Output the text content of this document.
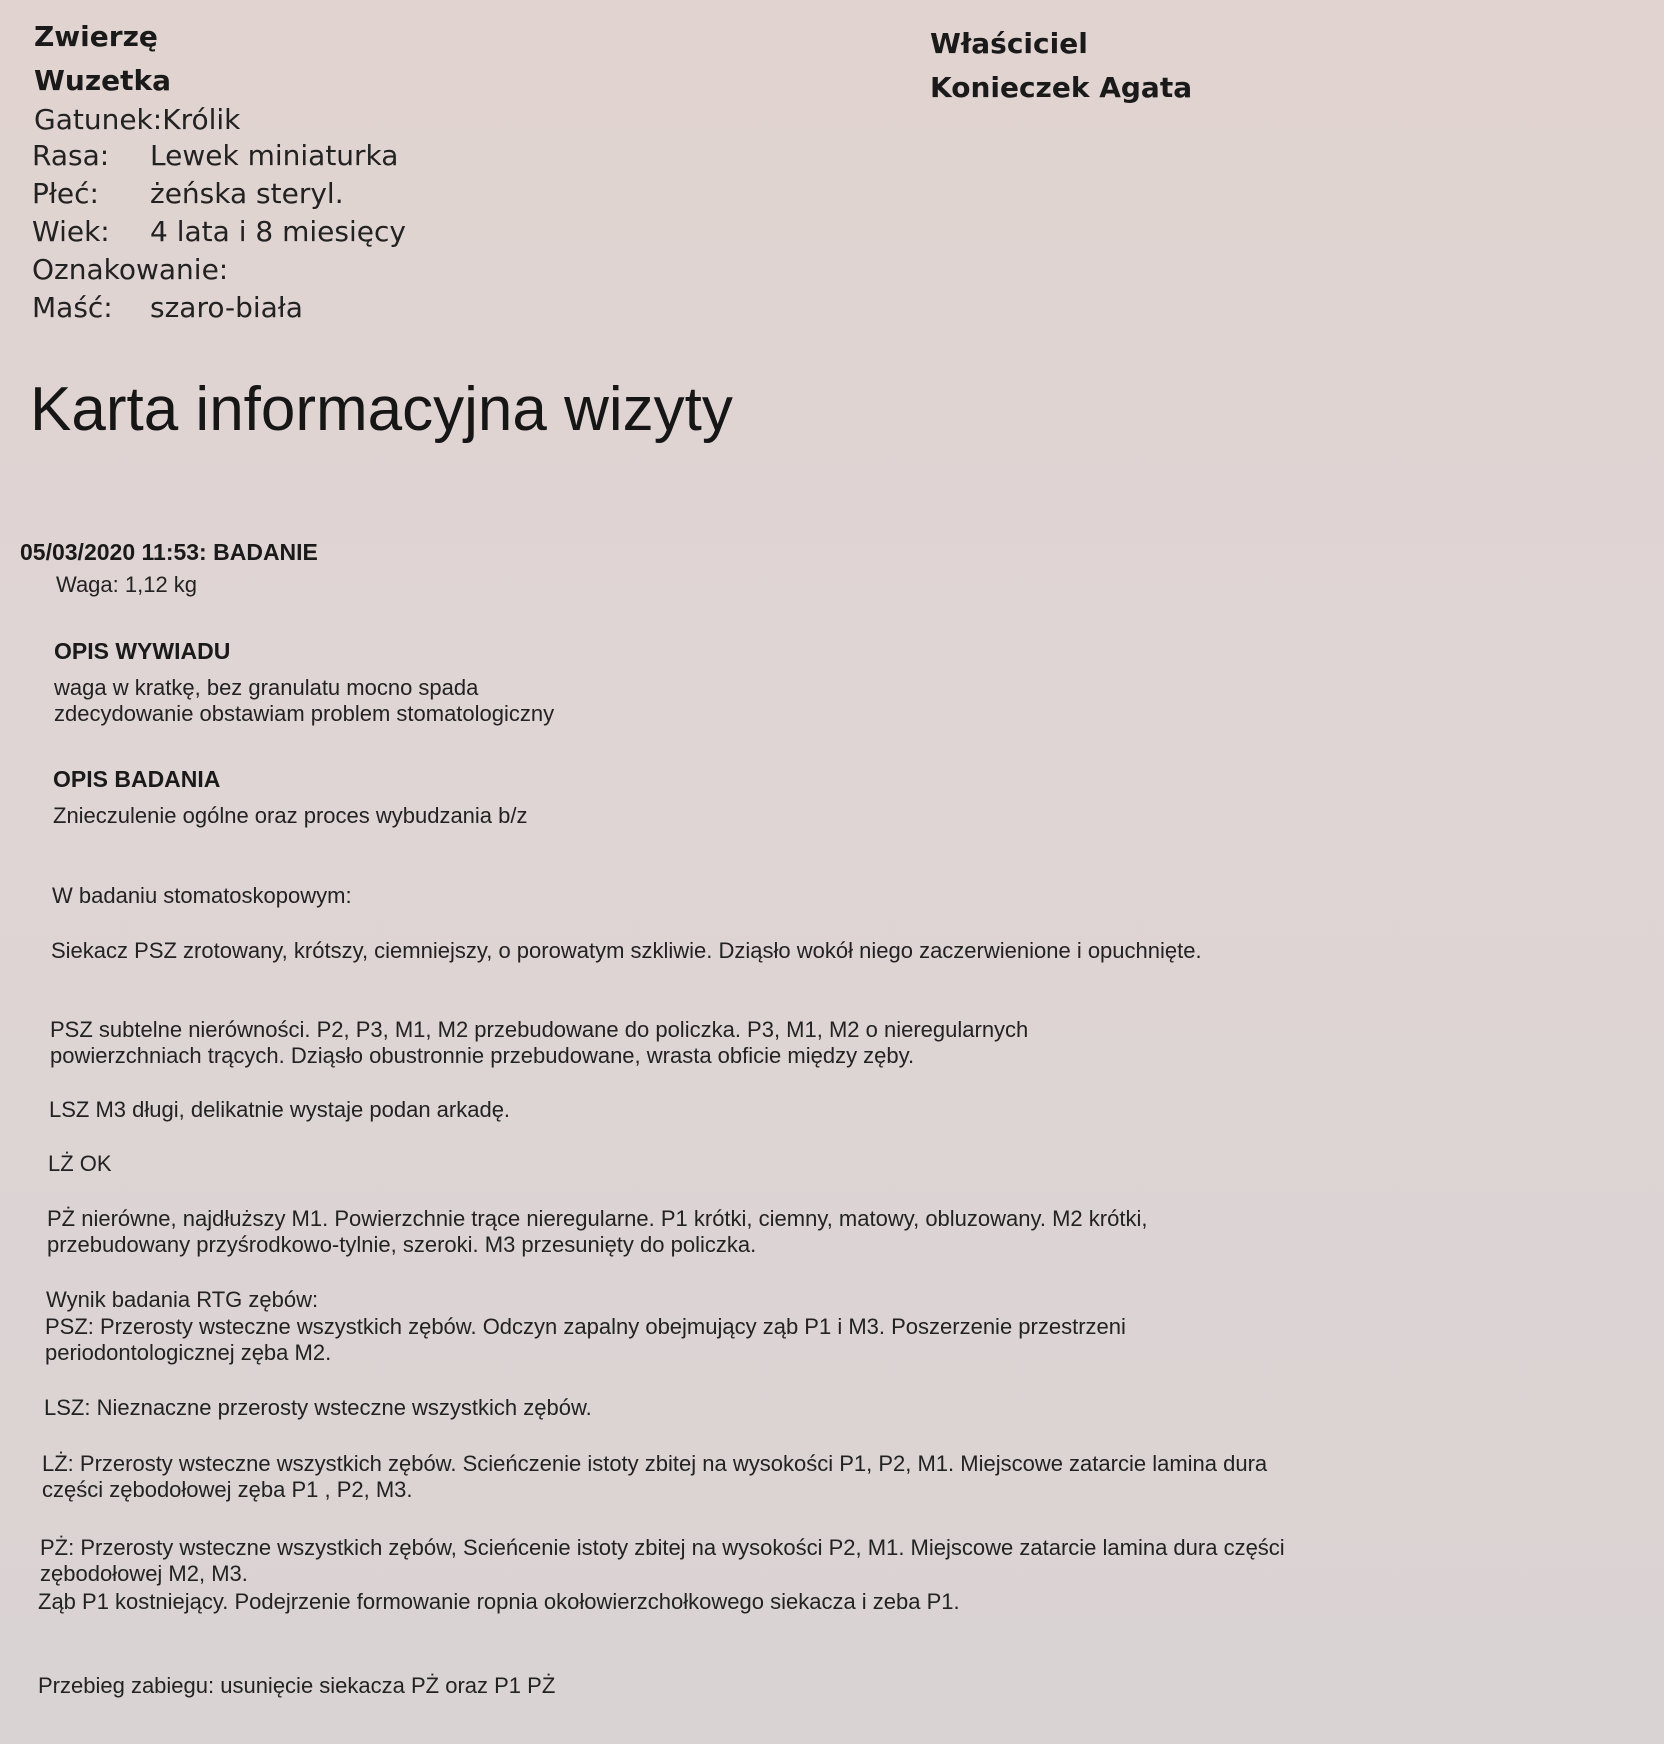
Zwierzę
Wuzetka
Gatunek:Królik
Rasa: Lewek miniaturka
Płeć: żeńska steryl.
Wiek: 4 lata i 8 miesięcy
Oznakowanie:
Maść: szaro-biała
Właściciel
Konieczek Agata
Karta informacyjna wizyty
05/03/2020 11:53: BADANIE
Waga: 1,12 kg
OPIS WYWIADU
waga w kratkę, bez granulatu mocno spada
zdecydowanie obstawiam problem stomatologiczny
OPIS BADANIA
Znieczulenie ogólne oraz proces wybudzania b/z
W badaniu stomatoskopowym:
Siekacz PSZ zrotowany, krótszy, ciemniejszy, o porowatym szkliwie. Dziąsło wokół niego zaczerwienione i opuchnięte.
PSZ subtelne nierówności. P2, P3, M1, M2 przebudowane do policzka. P3, M1, M2 o nieregularnych powierzchniach trących. Dziąsło obustronnie przebudowane, wrasta obficie między zęby.
LSZ M3 długi, delikatnie wystaje podan arkadę.
LŻ OK
PŻ nierówne, najdłuższy M1. Powierzchnie trące nieregularne. P1 krótki, ciemny, matowy, obluzowany. M2 krótki, przebudowany przyśrodkowo-tylnie, szeroki. M3 przesunięty do policzka.
Wynik badania RTG zębów:
PSZ: Przerosty wsteczne wszystkich zębów. Odczyn zapalny obejmujący ząb P1 i M3. Poszerzenie przestrzeni periodontologicznej zęba M2.
LSZ: Nieznaczne przerosty wsteczne wszystkich zębów.
LŻ: Przerosty wsteczne wszystkich zębów. Scieńczenie istoty zbitej na wysokości P1, P2, M1. Miejscowe zatarcie lamina dura części zębodołowej zęba P1 , P2, M3.
PŻ: Przerosty wsteczne wszystkich zębów, Scieńcenie istoty zbitej na wysokości P2, M1. Miejscowe zatarcie lamina dura części zębodołowej M2, M3.
Ząb P1 kostniejący. Podejrzenie formowanie ropnia okołowierzchołkowego siekacza i zeba P1.
Przebieg zabiegu: usunięcie siekacza PŻ oraz P1 PŻ
